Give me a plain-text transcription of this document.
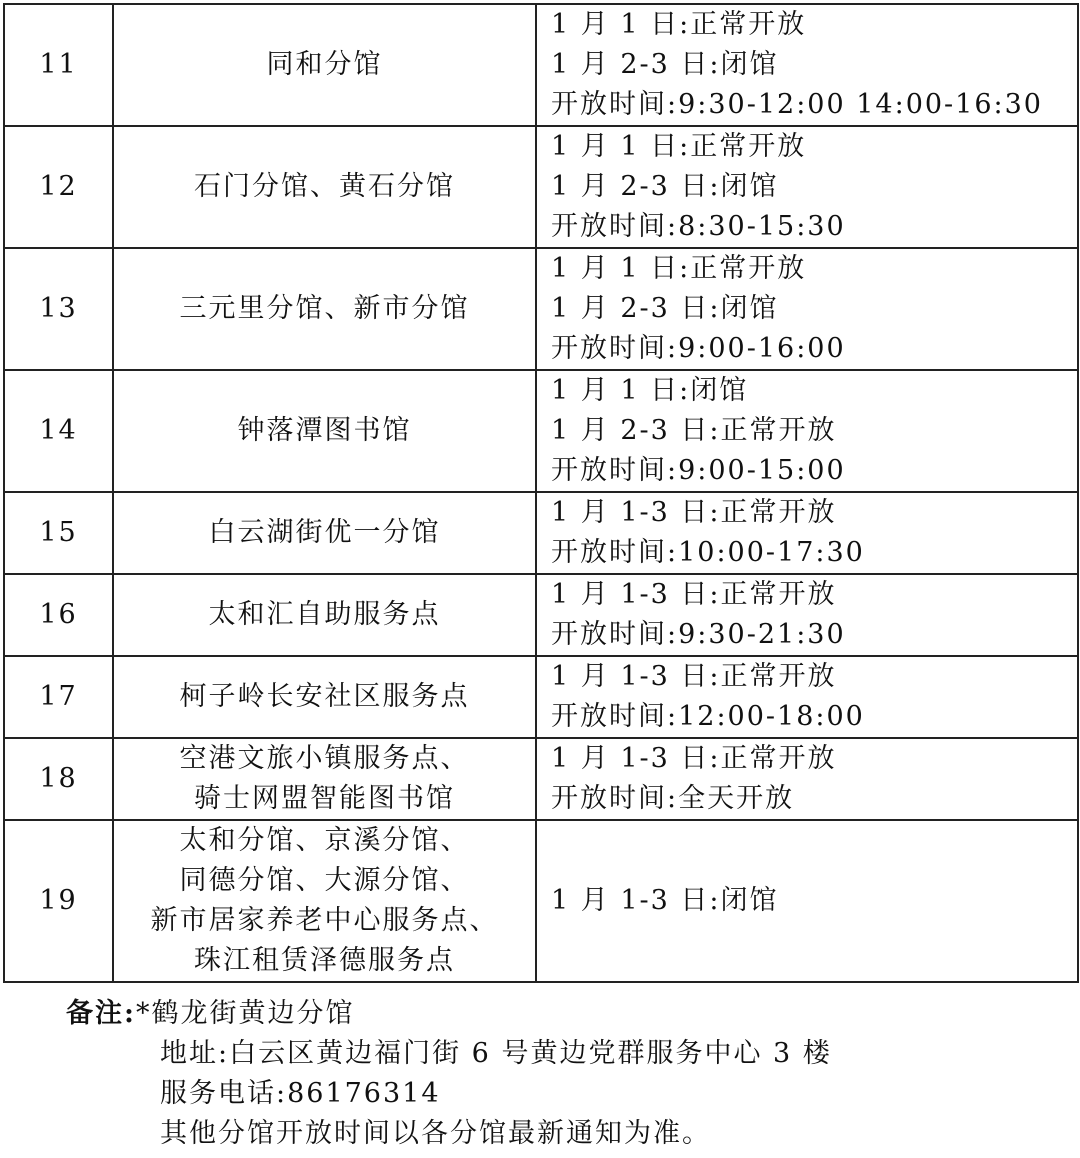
11	同和分馆	1 月 1 日:正常开放
1 月 2-3 日:闭馆
开放时间:9:30-12:00 14:00-16:30

12	石门分馆、黄石分馆	1 月 1 日:正常开放
1 月 2-3 日:闭馆
开放时间:8:30-15:30

13	三元里分馆、新市分馆	1 月 1 日:正常开放
1 月 2-3 日:闭馆
开放时间:9:00-16:00

14	钟落潭图书馆	1 月 1 日:闭馆
1 月 2-3 日:正常开放
开放时间:9:00-15:00

15	白云湖街优一分馆	1 月 1-3 日:正常开放
开放时间:10:00-17:30

16	太和汇自助服务点	1 月 1-3 日:正常开放
开放时间:9:30-21:30

17	柯子岭长安社区服务点	1 月 1-3 日:正常开放
开放时间:12:00-18:00

18	空港文旅小镇服务点、
骑士网盟智能图书馆	1 月 1-3 日:正常开放
开放时间:全天开放

19	太和分馆、京溪分馆、
同德分馆、大源分馆、
新市居家养老中心服务点、
珠江租赁泽德服务点	1 月 1-3 日:闭馆
备注:*鹤龙街黄边分馆
地址:白云区黄边福门街 6 号黄边党群服务中心 3 楼
服务电话:86176314
其他分馆开放时间以各分馆最新通知为准。
